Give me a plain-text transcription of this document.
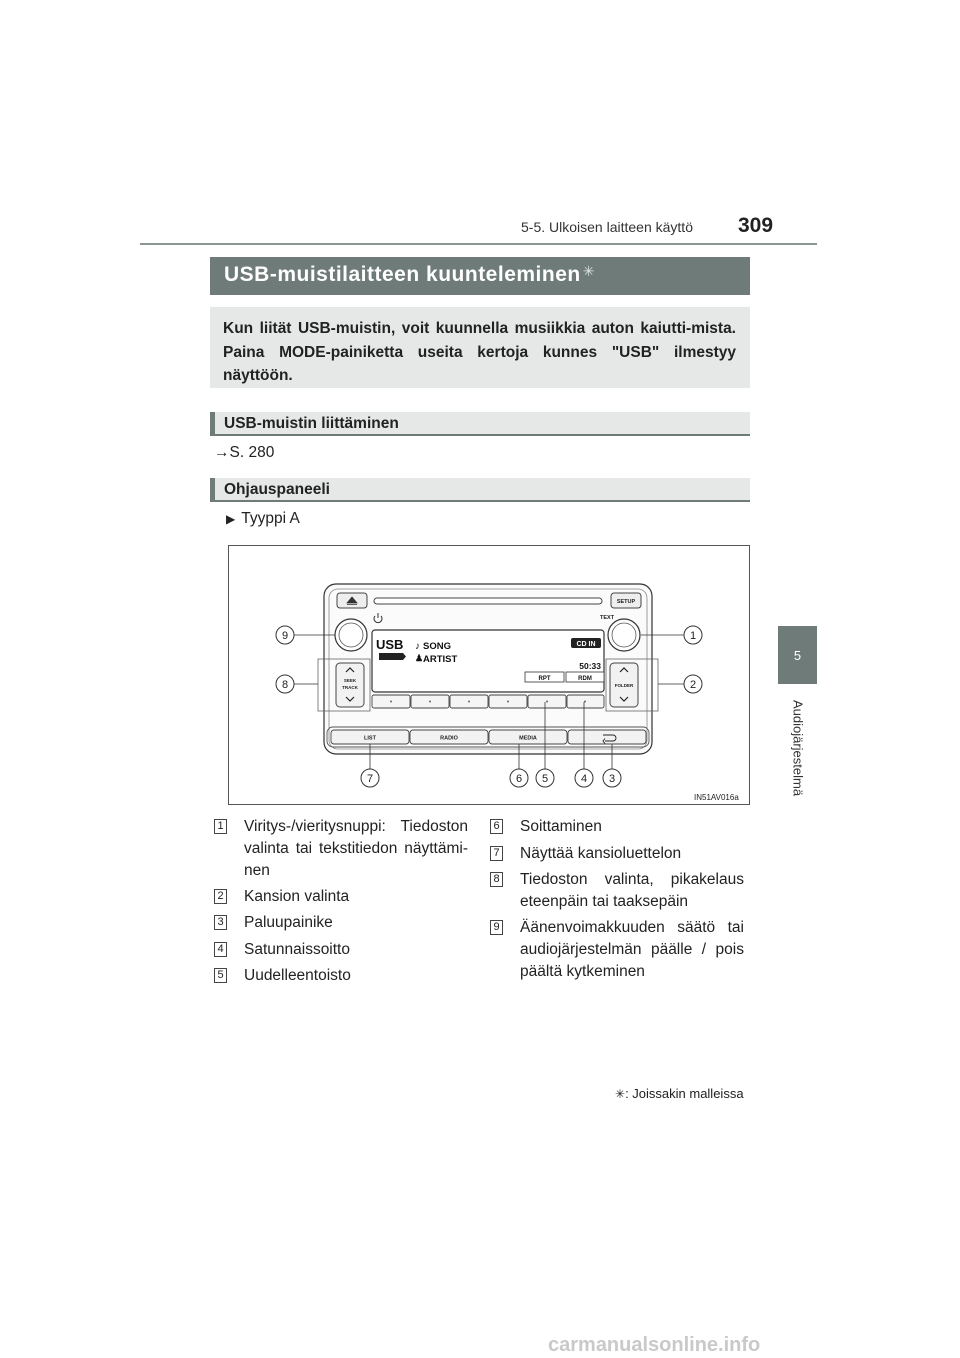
5-5. Ulkoisen laitteen käyttö 309
5
Audiojärjestelmä
USB-muistilaitteen kuunteleminen ✳
Kun liität USB-muistin, voit kuunnella musiikkia auton kaiutti-mista. Paina MODE-painiketta useita kertoja kunnes "USB" ilmestyy näyttöön.
USB-muistin liittäminen
→S. 280
Ohjauspaneeli
▶ Tyyppi A
SETUP
TEXT
USB ♪ SONG
♟ ARTIST
CD IN
50:33
RPT	RDM
SEEK
TRACK	FOLDER
LIST	RADIO	MEDIA
1
2
3
4
5
6
7
8
9
IN51AV016a
1 Viritys-/vieritysnuppi: Tiedoston valinta tai tekstitiedon näyttämi-nen
2 Kansion valinta
3 Paluupainike
4 Satunnaissoitto
5 Uudelleentoisto
6 Soittaminen
7 Näyttää kansioluettelon
8 Tiedoston valinta, pikakelaus eteenpäin tai taaksepäin
9 Äänenvoimakkuuden säätö tai audiojärjestelmän päälle / pois päältä kytkeminen
✳: Joissakin malleissa
carmanualsonline.info
